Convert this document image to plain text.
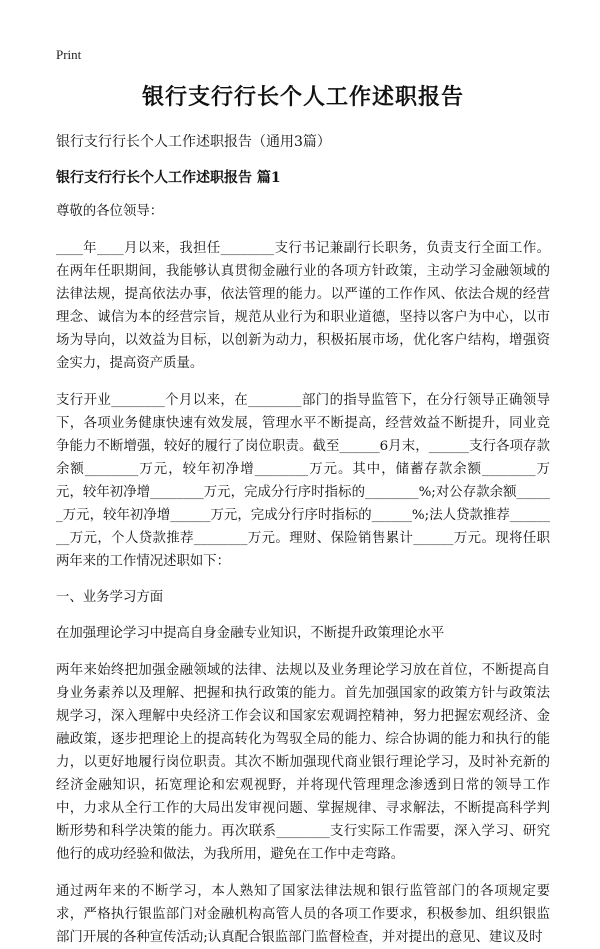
Print
银行支行行长个人工作述职报告

银行支行行长个人工作述职报告（通用3篇）

银行支行行长个人工作述职报告 篇1

尊敬的各位领导：

____年____月以来，我担任________支行书记兼副行长职务，负责支行全面工作。在两年任职期间，我能够认真贯彻金融行业的各项方针政策，主动学习金融领域的法律法规，提高依法办事，依法管理的能力。以严谨的工作作风、依法合规的经营理念、诚信为本的经营宗旨，规范从业行为和职业道德，坚持以客户为中心，以市场为导向，以效益为目标，以创新为动力，积极拓展市场，优化客户结构，增强资金实力，提高资产质量。

支行开业________个月以来，在________部门的指导监管下，在分行领导正确领导下，各项业务健康快速有效发展，管理水平不断提高，经营效益不断提升，同业竞争能力不断增强，较好的履行了岗位职责。截至______6月末，______支行各项存款余额________万元，较年初净增________万元。其中，储蓄存款余额________万元，较年初净增________万元，完成分行序时指标的________%;对公存款余额______万元，较年初净增______万元，完成分行序时指标的______%;法人贷款推荐________万元，个人贷款推荐________万元。理财、保险销售累计______万元。现将任职两年来的工作情况述职如下：

一、业务学习方面

在加强理论学习中提高自身金融专业知识，不断提升政策理论水平

两年来始终把加强金融领域的法律、法规以及业务理论学习放在首位，不断提高自身业务素养以及理解、把握和执行政策的能力。首先加强国家的政策方针与政策法规学习，深入理解中央经济工作会议和国家宏观调控精神，努力把握宏观经济、金融政策，逐步把理论上的提高转化为驾驭全局的能力、综合协调的能力和执行的能力，以更好地履行岗位职责。其次不断加强现代商业银行理论学习，及时补充新的经济金融知识，拓宽理论和宏观视野，并将现代管理理念渗透到日常的领导工作中，力求从全行工作的大局出发审视问题、掌握规律、寻求解法，不断提高科学判断形势和科学决策的能力。再次联系________支行实际工作需要，深入学习、研究他行的成功经验和做法，为我所用，避免在工作中走弯路。

通过两年来的不断学习，本人熟知了国家法律法规和银行监管部门的各项规定要求，严格执行银监部门对金融机构高管人员的各项工作要求，积极参加、组织银监部门开展的各种宣传活动;认真配合银监部门监督检查，并对提出的意见、建议及时
